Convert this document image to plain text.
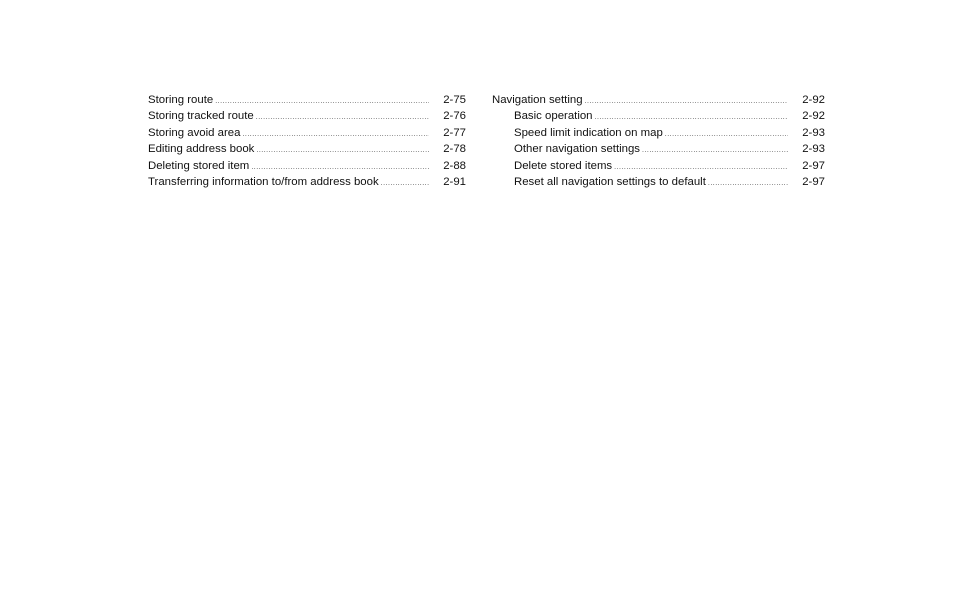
Storing route .....	2-75
Storing tracked route .....	2-76
Storing avoid area .....	2-77
Editing address book .....	2-78
Deleting stored item .....	2-88
Transferring information to/from address book .....	2-91
Navigation setting .....	2-92
Basic operation .....	2-92
Speed limit indication on map .....	2-93
Other navigation settings .....	2-93
Delete stored items .....	2-97
Reset all navigation settings to default .....	2-97
